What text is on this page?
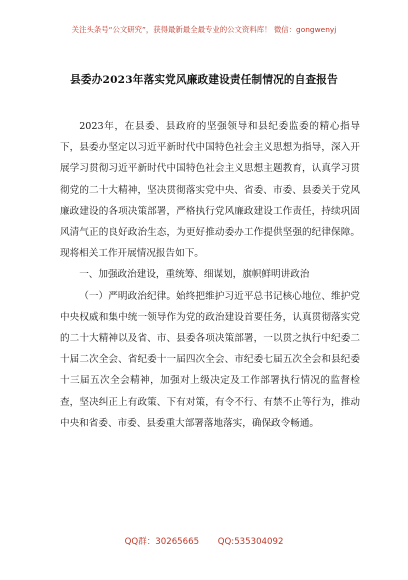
关注头条号“公文研究”，获得最新最全最专业的公文资料库！ 微信：gongwenyj
县委办2023年落实党风廉政建设责任制情况的自查报告

2023年，在县委、县政府的坚强领导和县纪委监委的精心指导下，县委办坚定以习近平新时代中国特色社会主义思想为指导，深入开展学习贯彻习近平新时代中国特色社会主义思想主题教育，认真学习贯彻党的二十大精神，坚决贯彻落实党中央、省委、市委、县委关于党风廉政建设的各项决策部署，严格执行党风廉政建设工作责任，持续巩固风清气正的良好政治生态，为更好推动委办工作提供坚强的纪律保障。现将相关工作开展情况报告如下。

一、加强政治建设，重统筹、细谋划，旗帜鲜明讲政治

（一）严明政治纪律。始终把维护习近平总书记核心地位、维护党中央权威和集中统一领导作为党的政治建设首要任务，认真贯彻落实党的二十大精神以及省、市、县委各项决策部署，一以贯之执行中纪委二十届二次全会、省纪委十一届四次全会、市纪委七届五次全会和县纪委十三届五次全会精神，加强对上级决定及工作部署执行情况的监督检查，坚决纠正上有政策、下有对策，有令不行、有禁不止等行为，推动中央和省委、市委、县委重大部署落地落实，确保政令畅通。

QQ群：30265665 QQ:535304092
